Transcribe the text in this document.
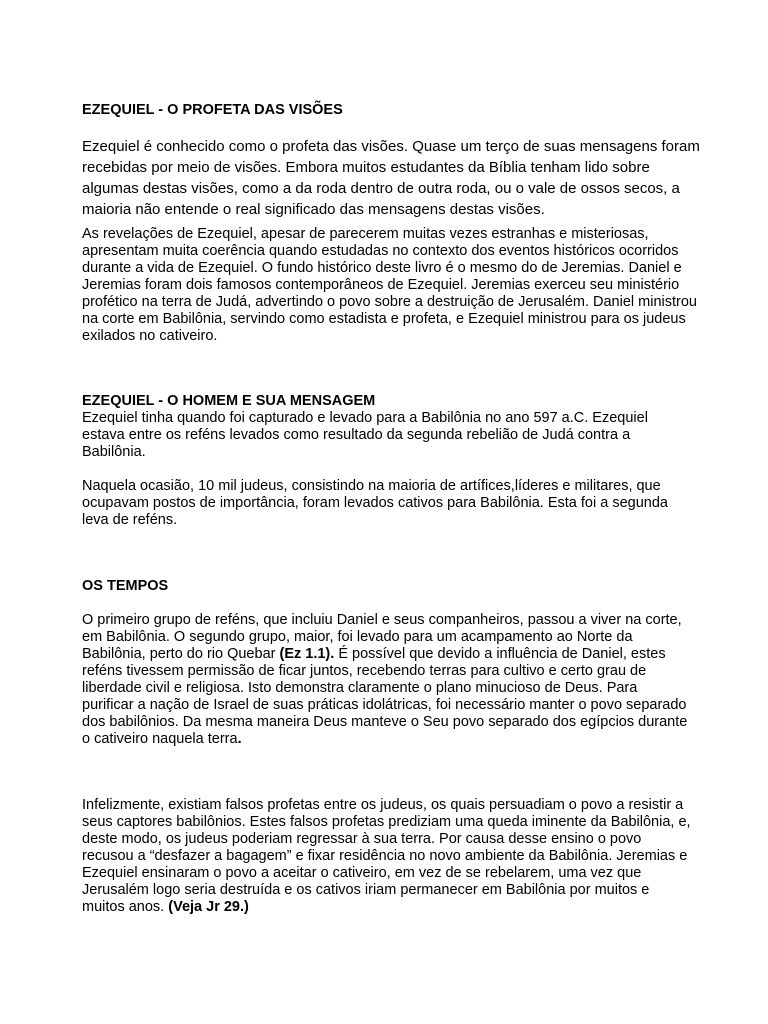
EZEQUIEL - O PROFETA DAS VISÕES

Ezequiel é conhecido como o profeta das visões. Quase um terço de suas mensagens foram recebidas por meio de visões. Embora muitos estudantes da Bíblia tenham lido sobre algumas destas visões, como a da roda dentro de outra roda, ou o vale de ossos secos, a maioria não entende o real significado das mensagens destas visões.

As revelações de Ezequiel, apesar de parecerem muitas vezes estranhas e misteriosas, apresentam muita coerência quando estudadas no contexto dos eventos históricos ocorridos durante a vida de Ezequiel. O fundo histórico deste livro é o mesmo do de Jeremias. Daniel e Jeremias foram dois famosos contemporâneos de Ezequiel. Jeremias exerceu seu ministério profético na terra de Judá, advertindo o povo sobre a destruição de Jerusalém. Daniel ministrou na corte em Babilônia, servindo como estadista e profeta, e Ezequiel ministrou para os judeus exilados no cativeiro.

EZEQUIEL - O HOMEM E SUA MENSAGEM

Ezequiel tinha quando foi capturado e levado para a Babilônia no ano 597 a.C. Ezequiel estava entre os reféns levados como resultado da segunda rebelião de Judá contra a Babilônia.

Naquela ocasião, 10 mil judeus, consistindo na maioria de artífices,líderes e militares, que ocupavam postos de importância, foram levados cativos para Babilônia. Esta foi a segunda leva de reféns.

OS TEMPOS

O primeiro grupo de reféns, que incluiu Daniel e seus companheiros, passou a viver na corte, em Babilônia. O segundo grupo, maior, foi levado para um acampamento ao Norte da Babilônia, perto do rio Quebar (Ez 1.1). É possível que devido a influência de Daniel, estes reféns tivessem permissão de ficar juntos, recebendo terras para cultivo e certo grau de liberdade civil e religiosa. Isto demonstra claramente o plano minucioso de Deus. Para purificar a nação de Israel de suas práticas idolátricas, foi necessário manter o povo separado dos babilônios. Da mesma maneira Deus manteve o Seu povo separado dos egípcios durante o cativeiro naquela terra.

Infelizmente, existiam falsos profetas entre os judeus, os quais persuadiam o povo a resistir a seus captores babilônios. Estes falsos profetas prediziam uma queda iminente da Babilônia, e, deste modo, os judeus poderiam regressar à sua terra. Por causa desse ensino o povo recusou a “desfazer a bagagem” e fixar residência no novo ambiente da Babilônia. Jeremias e Ezequiel ensinaram o povo a aceitar o cativeiro, em vez de se rebelarem, uma vez que Jerusalém logo seria destruída e os cativos iriam permanecer em Babilônia por muitos e muitos anos. (Veja Jr 29.)
